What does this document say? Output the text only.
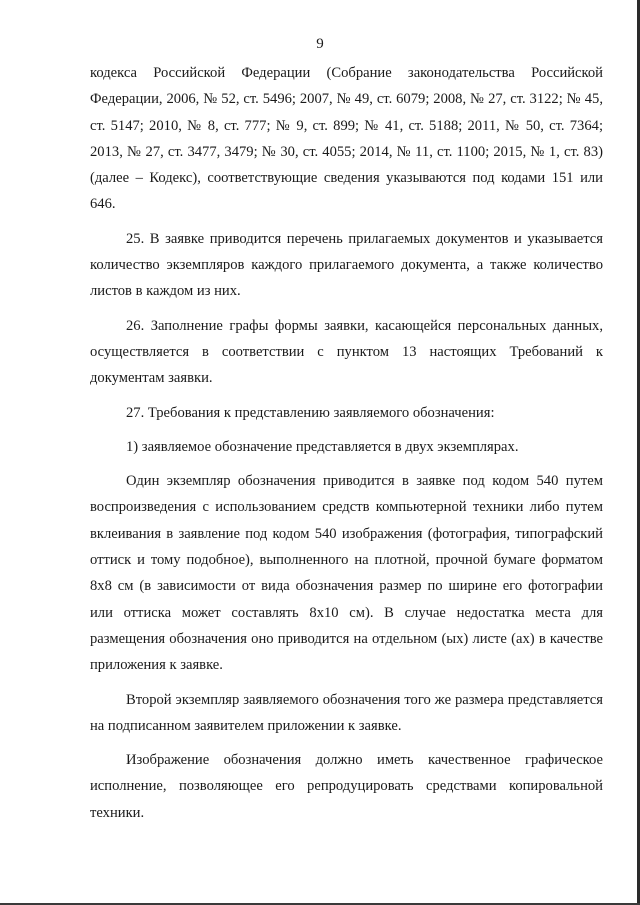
9

кодекса Российской Федерации (Собрание законодательства Российской Федерации, 2006, № 52, ст. 5496; 2007, № 49, ст. 6079; 2008, № 27, ст. 3122; № 45, ст. 5147; 2010, № 8, ст. 777; № 9, ст. 899; № 41, ст. 5188; 2011, № 50, ст. 7364; 2013, № 27, ст. 3477, 3479; № 30, ст. 4055; 2014, № 11, ст. 1100; 2015, № 1, ст. 83) (далее – Кодекс), соответствующие сведения указываются под кодами 151 или 646.

25. В заявке приводится перечень прилагаемых документов и указывается количество экземпляров каждого прилагаемого документа, а также количество листов в каждом из них.

26. Заполнение графы формы заявки, касающейся персональных данных, осуществляется в соответствии с пунктом 13 настоящих Требований к документам заявки.

27. Требования к представлению заявляемого обозначения:

1) заявляемое обозначение представляется в двух экземплярах.

Один экземпляр обозначения приводится в заявке под кодом 540 путем воспроизведения с использованием средств компьютерной техники либо путем вклеивания в заявление под кодом 540 изображения (фотография, типографский оттиск и тому подобное), выполненного на плотной, прочной бумаге форматом 8х8 см (в зависимости от вида обозначения размер по ширине его фотографии или оттиска может составлять 8х10 см). В случае недостатка места для размещения обозначения оно приводится на отдельном (ых) листе (ах) в качестве приложения к заявке.

Второй экземпляр заявляемого обозначения того же размера представляется на подписанном заявителем приложении к заявке.

Изображение обозначения должно иметь качественное графическое исполнение, позволяющее его репродуцировать средствами копировальной техники.
